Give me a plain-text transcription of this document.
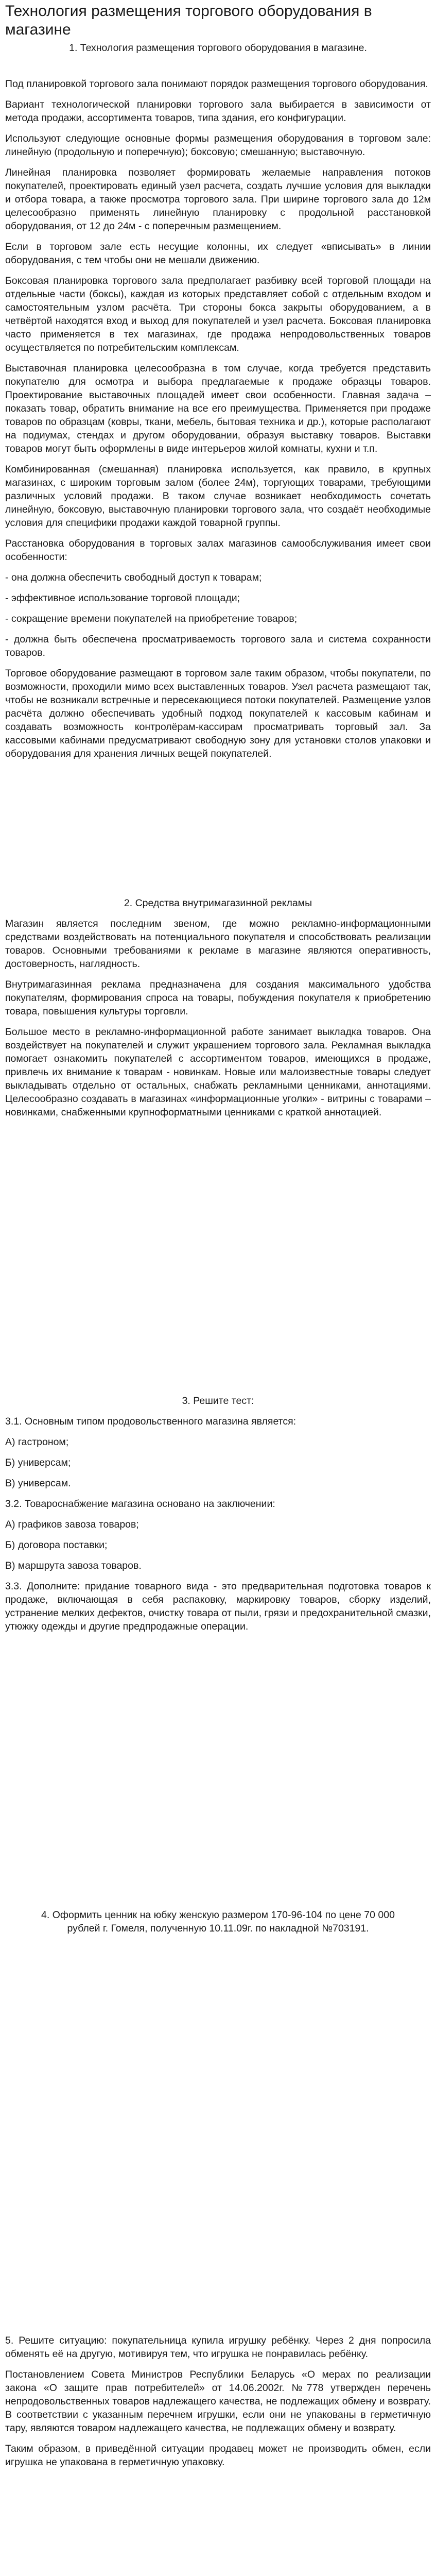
Технология размещения торгового оборудования в магазине

1. Технология размещения торгового оборудования в магазине.

Под планировкой торгового зала понимают порядок размещения торгового оборудования.

Вариант технологической планировки торгового зала выбирается в зависимости от метода продажи, ассортимента товаров, типа здания, его конфигурации.

Используют следующие основные формы размещения оборудования в торговом зале: линейную (продольную и поперечную); боксовую; смешанную; выставочную.

Линейная планировка позволяет формировать желаемые направления потоков покупателей, проектировать единый узел расчета, создать лучшие условия для выкладки и отбора товара, а также просмотра торгового зала. При ширине торгового зала до 12м целесообразно применять линейную планировку с продольной расстановкой оборудования, от 12 до 24м - с поперечным размещением.

Если в торговом зале есть несущие колонны, их следует «вписывать» в линии оборудования, с тем чтобы они не мешали движению.

Боксовая планировка торгового зала предполагает разбивку всей торговой площади на отдельные части (боксы), каждая из которых представляет собой с отдельным входом и самостоятельным узлом расчёта. Три стороны бокса закрыты оборудованием, а в четвёртой находятся вход и выход для покупателей и узел расчета. Боксовая планировка часто применяется в тех магазинах, где продажа непродовольственных товаров осуществляется по потребительским комплексам.

Выставочная планировка целесообразна в том случае, когда требуется представить покупателю для осмотра и выбора предлагаемые к продаже образцы товаров. Проектирование выставочных площадей имеет свои особенности. Главная задача – показать товар, обратить внимание на все его преимущества. Применяется при продаже товаров по образцам (ковры, ткани, мебель, бытовая техника и др.), которые располагают на подиумах, стендах и другом оборудовании, образуя выставку товаров. Выставки товаров могут быть оформлены в виде интерьеров жилой комнаты, кухни и т.п.

Комбинированная (смешанная) планировка используется, как правило, в крупных магазинах, с широким торговым залом (более 24м), торгующих товарами, требующими различных условий продажи. В таком случае возникает необходимость сочетать линейную, боксовую, выставочную планировки торгового зала, что создаёт необходимые условия для специфики продажи каждой товарной группы.

Расстановка оборудования в торговых залах магазинов самообслуживания имеет свои особенности:

- она должна обеспечить свободный доступ к товарам;

- эффективное использование торговой площади;

- сокращение времени покупателей на приобретение товаров;

- должна быть обеспечена просматриваемость торгового зала и система сохранности товаров.

Торговое оборудование размещают в торговом зале таким образом, чтобы покупатели, по возможности, проходили мимо всех выставленных товаров. Узел расчета размещают так, чтобы не возникали встречные и пересекающиеся потоки покупателей. Размещение узлов расчёта должно обеспечивать удобный подход покупателей к кассовым кабинам и создавать возможность контролёрам-кассирам просматривать торговый зал. За кассовыми кабинами предусматривают свободную зону для установки столов упаковки и оборудования для хранения личных вещей покупателей.

2. Средства внутримагазинной рекламы

Магазин является последним звеном, где можно рекламно-информационными средствами воздействовать на потенциального покупателя и способствовать реализации товаров. Основными требованиями к рекламе в магазине являются оперативность, достоверность, наглядность.

Внутримагазинная реклама предназначена для создания максимального удобства покупателям, формирования спроса на товары, побуждения покупателя к приобретению товара, повышения культуры торговли.

Большое место в рекламно-информационной работе занимает выкладка товаров. Она воздействует на покупателей и служит украшением торгового зала. Рекламная выкладка помогает ознакомить покупателей с ассортиментом товаров, имеющихся в продаже, привлечь их внимание к товарам - новинкам. Новые или малоизвестные товары следует выкладывать отдельно от остальных, снабжать рекламными ценниками, аннотациями. Целесообразно создавать в магазинах «информационные уголки» - витрины с товарами – новинками, снабженными крупноформатными ценниками с краткой аннотацией.

3. Решите тест:

3.1. Основным типом продовольственного магазина является:

А) гастроном;

Б) универсам;

В) универсам.

3.2. Товароснабжение магазина основано на заключении:

А) графиков завоза товаров;

Б) договора поставки;

В) маршрута завоза товаров.

3.3. Дополните: придание товарного вида - это предварительная подготовка товаров к продаже, включающая в себя распаковку, маркировку товаров, сборку изделий, устранение мелких дефектов, очистку товара от пыли, грязи и предохранительной смазки, утюжку одежды и другие предпродажные операции.

4. Оформить ценник на юбку женскую размером 170-96-104 по цене 70 000 рублей г. Гомеля, полученную 10.11.09г. по накладной №703191.

5. Решите ситуацию: покупательница купила игрушку ребёнку. Через 2 дня попросила обменять её на другую, мотивируя тем, что игрушка не понравилась ребёнку.

Постановлением Совета Министров Республики Беларусь «О мерах по реализации закона «О защите прав потребителей» от 14.06.2002г. №778 утвержден перечень непродовольственных товаров надлежащего качества, не подлежащих обмену и возврату. В соответствии с указанным перечнем игрушки, если они не упакованы в герметичную тару, являются товаром надлежащего качества, не подлежащих обмену и возврату.

Таким образом, в приведённой ситуации продавец может не производить обмен, если игрушка не упакована в герметичную упаковку.
